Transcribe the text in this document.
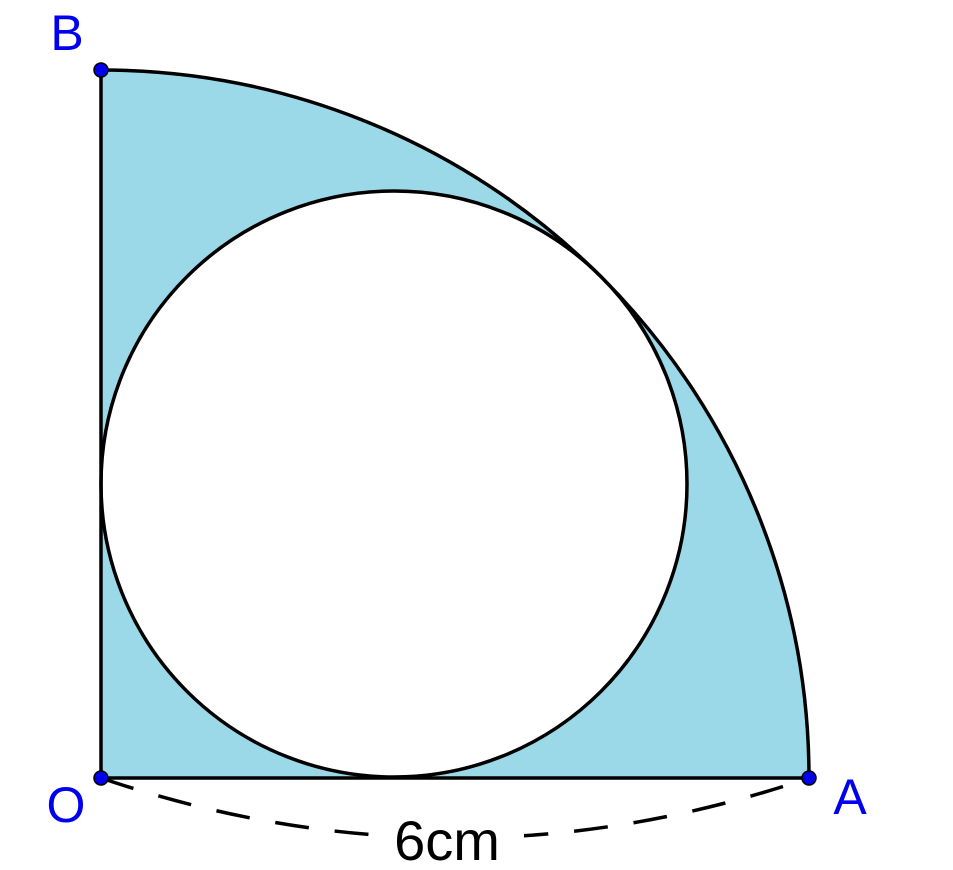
6cm
B
O	A
